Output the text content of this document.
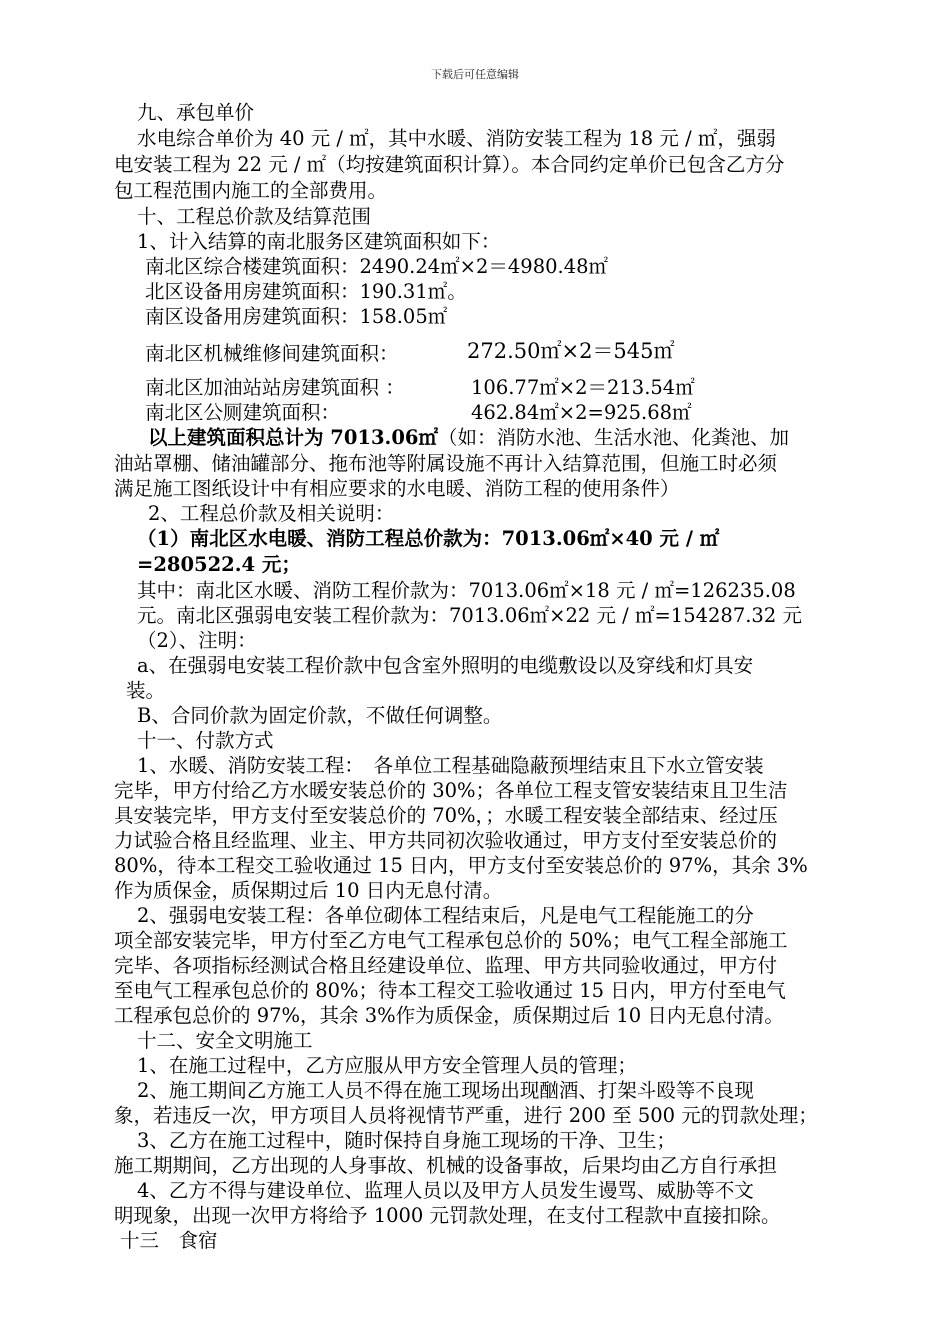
下载后可任意编辑
九、承包单价
水电综合单价为 40 元 / ㎡，其中水暖、消防安装工程为 18 元 / ㎡，强弱
电安装工程为 22 元 / ㎡（均按建筑面积计算）。本合同约定单价已包含乙方分
包工程范围内施工的全部费用。
十、工程总价款及结算范围
1、计入结算的南北服务区建筑面积如下：
南北区综合楼建筑面积：2490.24㎡×2＝4980.48㎡
北区设备用房建筑面积：190.31㎡。
南区设备用房建筑面积：158.05㎡
南北区机械维修间建筑面积：	272.50㎡×2＝545㎡
南北区加油站站房建筑面积 ：	106.77㎡×2＝213.54㎡
南北区公厕建筑面积：	462.84㎡×2=925.68㎡
以上建筑面积总计为 7013.06㎡（如：消防水池、生活水池、化粪池、加
油站罩棚、储油罐部分、拖布池等附属设施不再计入结算范围，但施工时必须
满足施工图纸设计中有相应要求的水电暖、消防工程的使用条件）
2、工程总价款及相关说明：
（1）南北区水电暖、消防工程总价款为：7013.06㎡×40 元 / ㎡
=280522.4 元；
其中：南北区水暖、消防工程价款为：7013.06㎡×18 元 / ㎡=126235.08
元。南北区强弱电安装工程价款为：7013.06㎡×22 元 / ㎡=154287.32 元
（2）、注明：
a、在强弱电安装工程价款中包含室外照明的电缆敷设以及穿线和灯具安
装。
B、合同价款为固定价款，不做任何调整。
十一、付款方式
1、水暖、消防安装工程：　各单位工程基础隐蔽预埋结束且下水立管安装
完毕，甲方付给乙方水暖安装总价的 30%；各单位工程支管安装结束且卫生洁
具安装完毕，甲方支付至安装总价的 70%，；水暖工程安装全部结束、经过压
力试验合格且经监理、业主、甲方共同初次验收通过，甲方支付至安装总价的
80%，待本工程交工验收通过 15 日内，甲方支付至安装总价的 97%，其余 3%
作为质保金，质保期过后 10 日内无息付清。
2、强弱电安装工程：各单位砌体工程结束后，凡是电气工程能施工的分
项全部安装完毕，甲方付至乙方电气工程承包总价的 50%；电气工程全部施工
完毕、各项指标经测试合格且经建设单位、监理、甲方共同验收通过，甲方付
至电气工程承包总价的 80%；待本工程交工验收通过 15 日内，甲方付至电气
工程承包总价的 97%，其余 3%作为质保金，质保期过后 10 日内无息付清。
十二、安全文明施工
1、在施工过程中，乙方应服从甲方安全管理人员的管理；
2、施工期间乙方施工人员不得在施工现场出现酗酒、打架斗殴等不良现
象，若违反一次，甲方项目人员将视情节严重，进行 200 至 500 元的罚款处理；
3、乙方在施工过程中，随时保持自身施工现场的干净、卫生；
施工期期间，乙方出现的人身事故、机械的设备事故，后果均由乙方自行承担
4、乙方不得与建设单位、监理人员以及甲方人员发生谩骂、威胁等不文
明现象，出现一次甲方将给予 1000 元罚款处理，在支付工程款中直接扣除。
十三　食宿
